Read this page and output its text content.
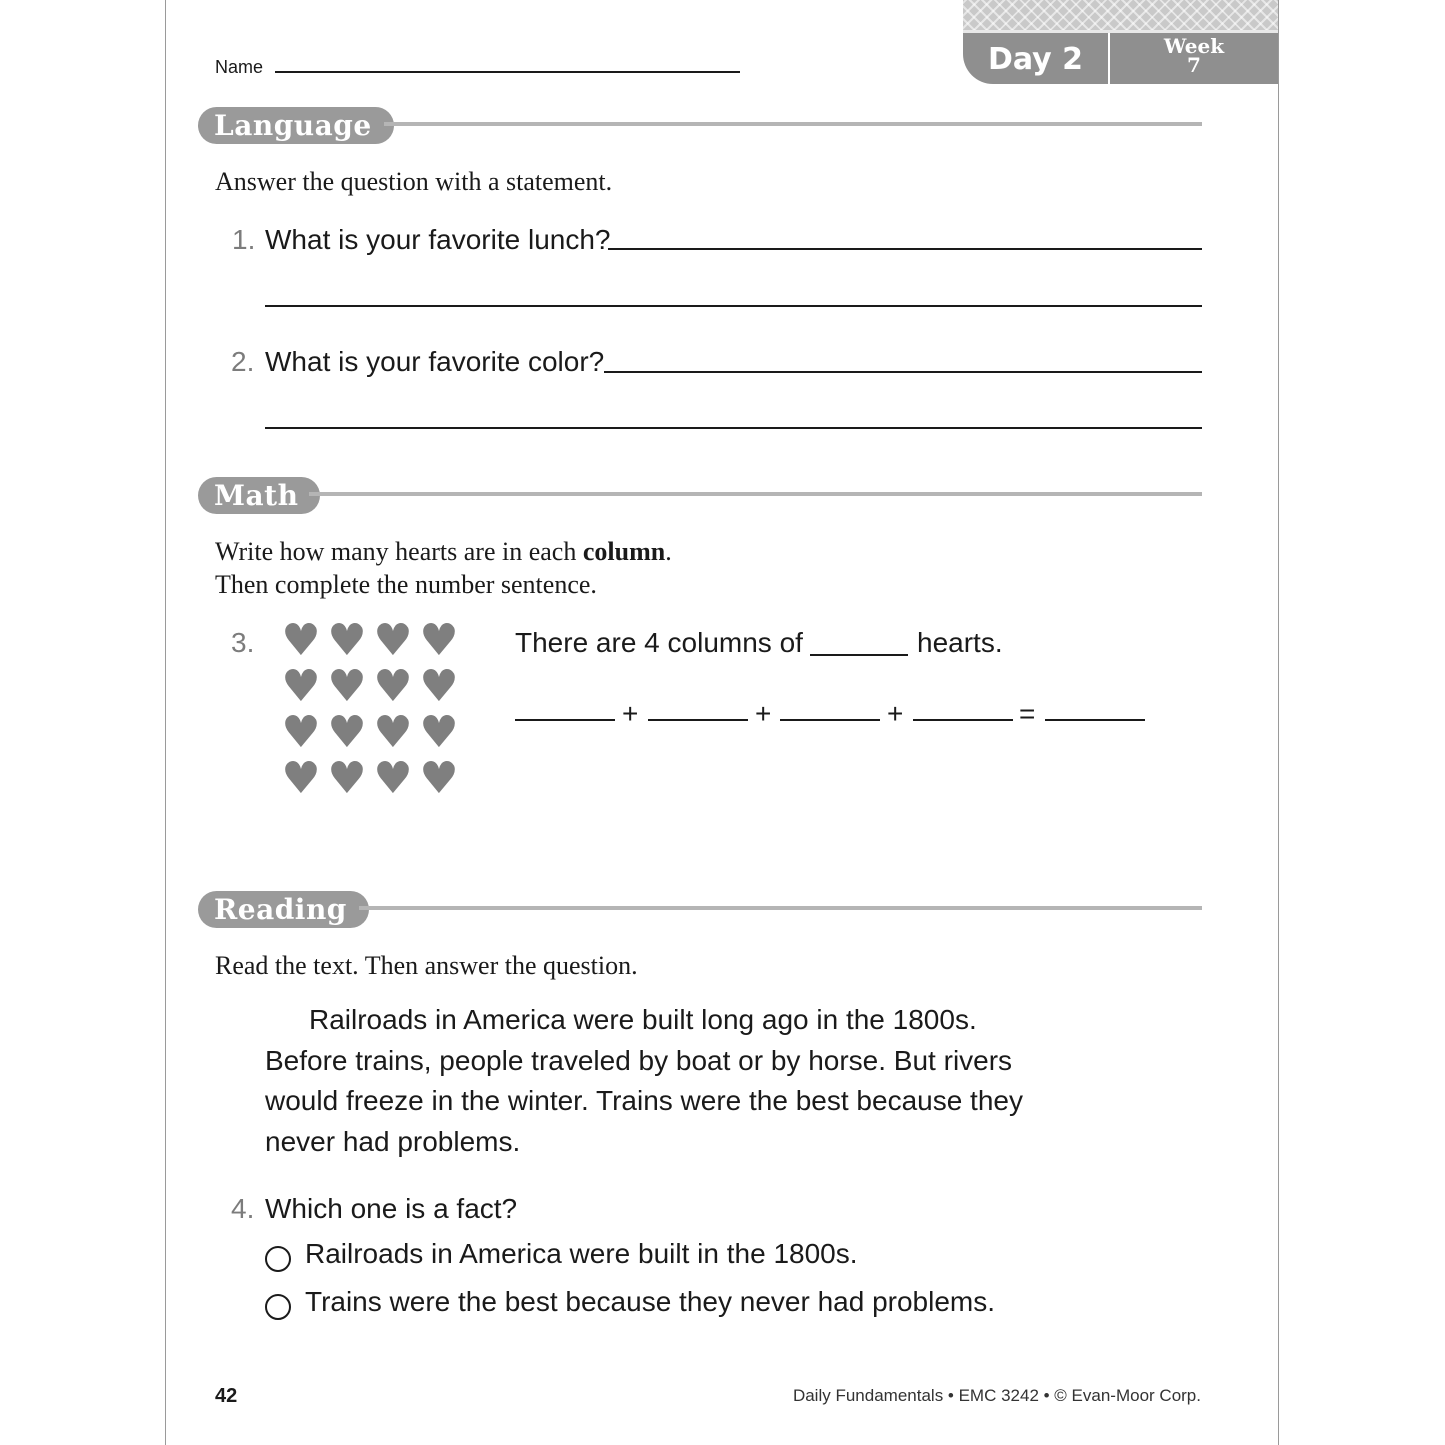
Name	Day 2	Week
7
Language
Answer the question with a statement.
1. What is your favorite lunch?
2. What is your favorite color?
Math
Write how many hearts are in each column.
Then complete the number sentence.
3. ♥ ♥ ♥ ♥
♥ ♥ ♥ ♥
♥ ♥ ♥ ♥
♥ ♥ ♥ ♥
There are 4 columns of	hearts.
+	+	+	=
Reading
Read the text. Then answer the question.

Railroads in America were built long ago in the 1800s. Before trains, people traveled by boat or by horse. But rivers would freeze in the winter. Trains were the best because they never had problems.

4. Which one is a fact?
Railroads in America were built in the 1800s.
Trains were the best because they never had problems.
42	Daily Fundamentals • EMC 3242 • © Evan-Moor Corp.
